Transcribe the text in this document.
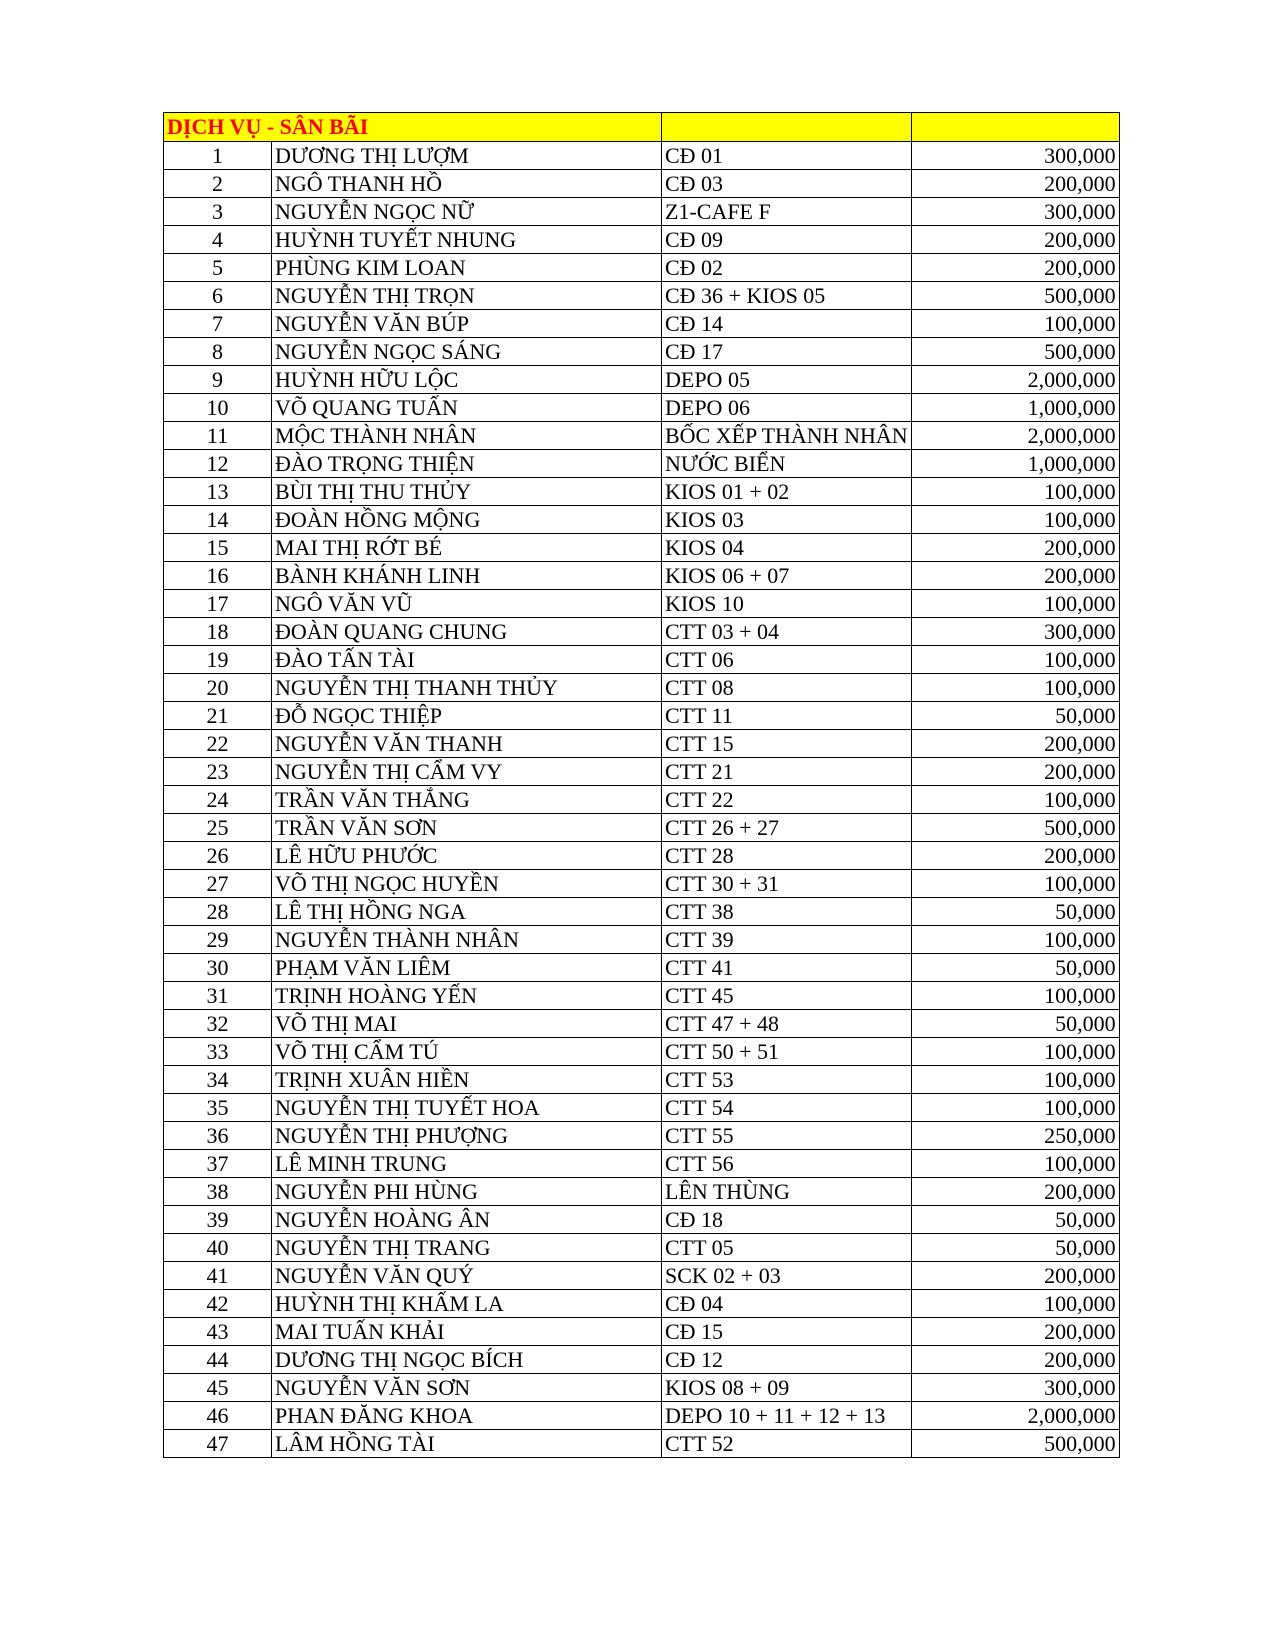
DỊCH VỤ - SÂN BÃI			
1	DƯƠNG THỊ LƯỢM	CĐ 01	300,000
2	NGÔ THANH HỒ	CĐ 03	200,000
3	NGUYỄN NGỌC NỮ	Z1-CAFE F	300,000
4	HUỲNH TUYẾT NHUNG	CĐ 09	200,000
5	PHÙNG KIM LOAN	CĐ 02	200,000
6	NGUYỄN THỊ TRỌN	CĐ 36 + KIOS 05	500,000
7	NGUYỄN VĂN BÚP	CĐ 14	100,000
8	NGUYỄN NGỌC SÁNG	CĐ 17	500,000
9	HUỲNH HỮU LỘC	DEPO 05	2,000,000
10	VÕ QUANG TUẤN	DEPO 06	1,000,000
11	MỘC THÀNH NHÂN	BỐC XẾP THÀNH NHÂN	2,000,000
12	ĐÀO TRỌNG THIỆN	NƯỚC BIỂN	1,000,000
13	BÙI THỊ THU THỦY	KIOS 01 + 02	100,000
14	ĐOÀN HỒNG MỘNG	KIOS 03	100,000
15	MAI THỊ RỚT BÉ	KIOS 04	200,000
16	BÀNH KHÁNH LINH	KIOS 06 + 07	200,000
17	NGÔ VĂN VŨ	KIOS 10	100,000
18	ĐOÀN QUANG CHUNG	CTT 03 + 04	300,000
19	ĐÀO TẤN TÀI	CTT 06	100,000
20	NGUYỄN THỊ THANH THỦY	CTT 08	100,000
21	ĐỖ NGỌC THIỆP	CTT 11	50,000
22	NGUYỄN VĂN THANH	CTT 15	200,000
23	NGUYỄN THỊ CẨM VY	CTT 21	200,000
24	TRẦN VĂN THẮNG	CTT 22	100,000
25	TRẦN VĂN SƠN	CTT 26 + 27	500,000
26	LÊ HỮU PHƯỚC	CTT 28	200,000
27	VÕ THỊ NGỌC HUYỀN	CTT 30 + 31	100,000
28	LÊ THỊ HỒNG NGA	CTT 38	50,000
29	NGUYỄN THÀNH NHÂN	CTT 39	100,000
30	PHẠM VĂN LIÊM	CTT 41	50,000
31	TRỊNH HOÀNG YẾN	CTT 45	100,000
32	VÕ THỊ MAI	CTT 47 + 48	50,000
33	VÕ THỊ CẨM TÚ	CTT 50 + 51	100,000
34	TRỊNH XUÂN HIỀN	CTT 53	100,000
35	NGUYỄN THỊ TUYẾT HOA	CTT 54	100,000
36	NGUYỄN THỊ PHƯỢNG	CTT 55	250,000
37	LÊ MINH TRUNG	CTT 56	100,000
38	NGUYỄN PHI HÙNG	LÊN THÙNG	200,000
39	NGUYỄN HOÀNG ÂN	CĐ 18	50,000
40	NGUYỄN THỊ TRANG	CTT 05	50,000
41	NGUYỄN VĂN QUÝ	SCK 02 + 03	200,000
42	HUỲNH THỊ KHẤM LA	CĐ 04	100,000
43	MAI TUẤN KHẢI	CĐ 15	200,000
44	DƯƠNG THỊ NGỌC BÍCH	CĐ 12	200,000
45	NGUYỄN VĂN SƠN	KIOS 08 + 09	300,000
46	PHAN ĐĂNG KHOA	DEPO 10 + 11 + 12 + 13	2,000,000
47	LÂM HỒNG TÀI	CTT 52	500,000
